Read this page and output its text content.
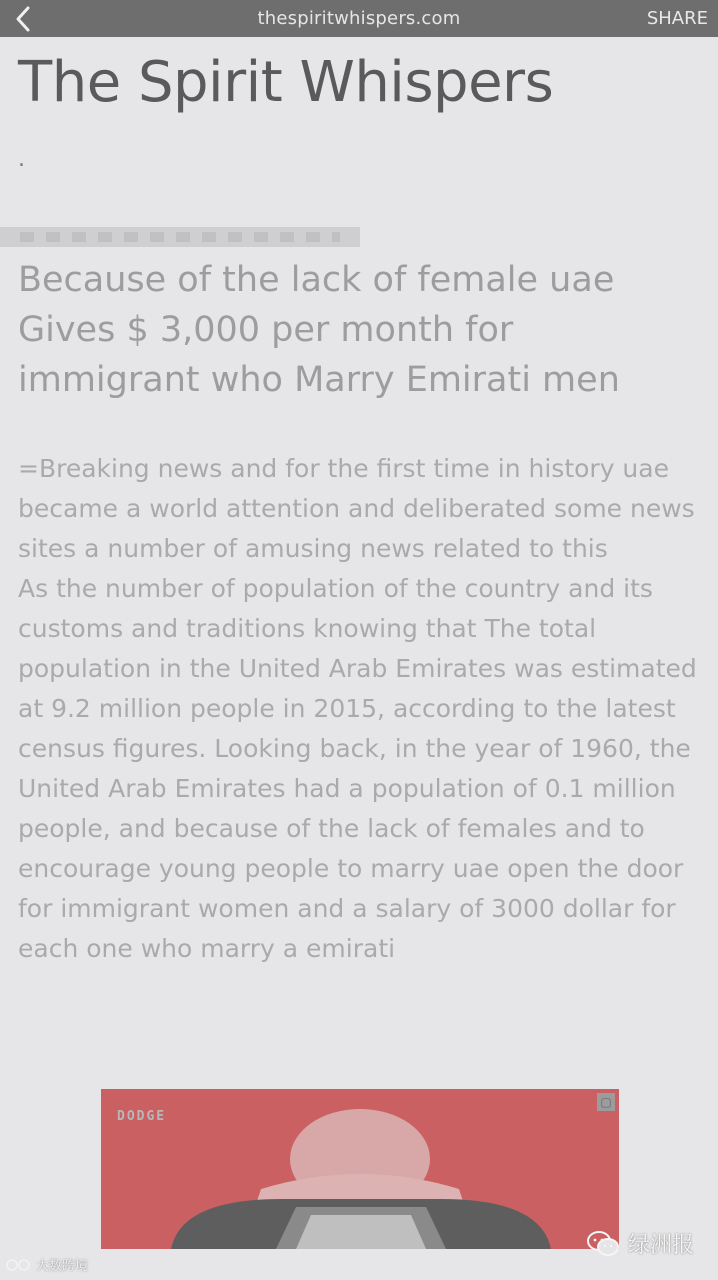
thespiritwhispers.com	SHARE
The Spirit Whispers
.
Because of the lack of female uae Gives $ 3,000 per month for immigrant who Marry Emirati men

=Breaking news and for the first time in history uae became a world attention and deliberated some news sites a number of amusing news related to this

As the number of population of the country and its customs and traditions knowing that The total population in the United Arab Emirates was estimated at 9.2 million people in 2015, according to the latest census figures. Looking back, in the year of 1960, the United Arab Emirates had a population of 0.1 million people, and because of the lack of females and to encourage young people to marry uae open the door for immigrant women and a salary of 3000 dollar for each one who marry a emirati

DODGE
▢
大数跨境
绿洲报
